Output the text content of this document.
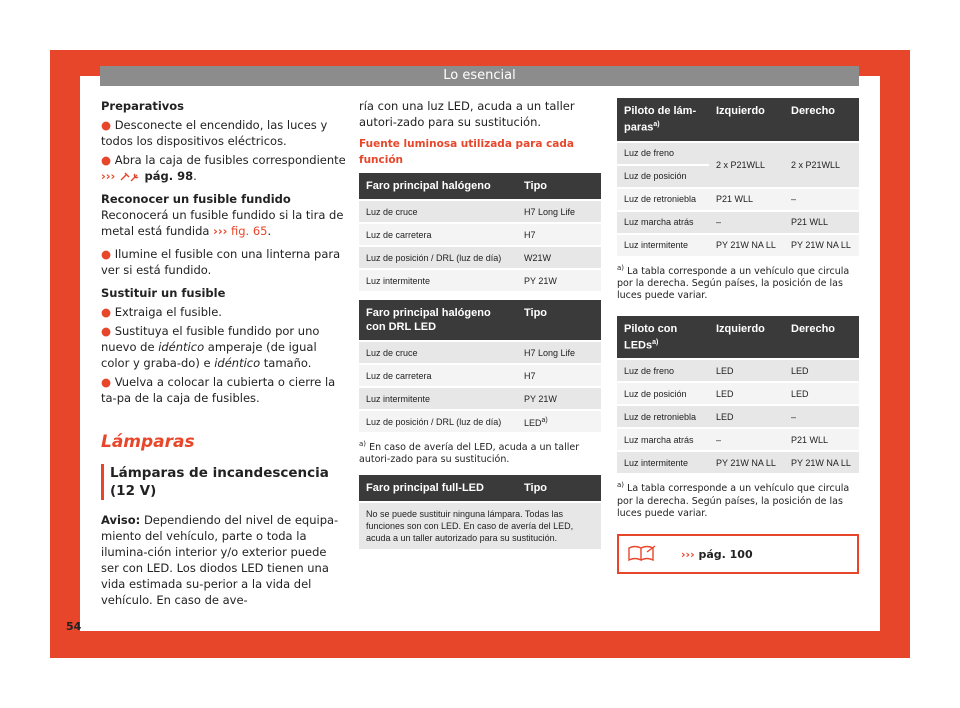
Lo esencial

Preparativos

● Desconecte el encendido, las luces y todos los dispositivos eléctricos.

● Abra la caja de fusibles correspondiente
›››	pág. 98.

Reconocer un fusible fundido

Reconocerá un fusible fundido si la tira de metal está fundida ››› fig. 65.

● Ilumine el fusible con una linterna para ver si está fundido.

Sustituir un fusible

● Extraiga el fusible.

● Sustituya el fusible fundido por uno nuevo de idéntico amperaje (de igual color y graba-do) e idéntico tamaño.

● Vuelva a colocar la cubierta o cierre la ta-pa de la caja de fusibles.

Lámparas

Lámparas de incandescencia (12 V)

Aviso: Dependiendo del nivel de equipa-miento del vehículo, parte o toda la ilumina-ción interior y/o exterior puede ser con LED. Los diodos LED tienen una vida estimada su-perior a la vida del vehículo. En caso de ave-

ría con una luz LED, acuda a un taller autori-zado para su sustitución.

Fuente luminosa utilizada para cada función

Faro principal halógeno	Tipo
Luz de cruce	H7 Long Life
Luz de carretera	H7
Luz de posición / DRL (luz de día)	W21W
Luz intermitente	PY 21W
Faro principal halógeno con DRL LED	Tipo
Luz de cruce	H7 Long Life
Luz de carretera	H7
Luz intermitente	PY 21W
Luz de posición / DRL (luz de día)	LED$^{a)}$

$^{a)}$ En caso de avería del LED, acuda a un taller autori-zado para su sustitución.

Faro principal full-LED	Tipo
No se puede sustituir ninguna lámpara. Todas las funciones son con LED. En caso de avería del LED, acuda a un taller autorizado para su sustitución.
Piloto de lám-paras$^{a)}$	Izquierdo	Derecho
Luz de freno	2 x P21WLL	2 x P21WLL
Luz de posición		
Luz de retroniebla	P21 WLL	–
Luz marcha atrás	–	P21 WLL
Luz intermitente	PY 21W NA LL	PY 21W NA LL

$^{a)}$ La tabla corresponde a un vehículo que circula por la derecha. Según países, la posición de las luces puede variar.

Piloto con LEDs$^{a)}$	Izquierdo	Derecho
Luz de freno	LED	LED
Luz de posición	LED	LED
Luz de retroniebla	LED	–
Luz marcha atrás	–	P21 WLL
Luz intermitente	PY 21W NA LL	PY 21W NA LL

$^{a)}$ La tabla corresponde a un vehículo que circula por la derecha. Según países, la posición de las luces puede variar.

››› pág. 100
54
